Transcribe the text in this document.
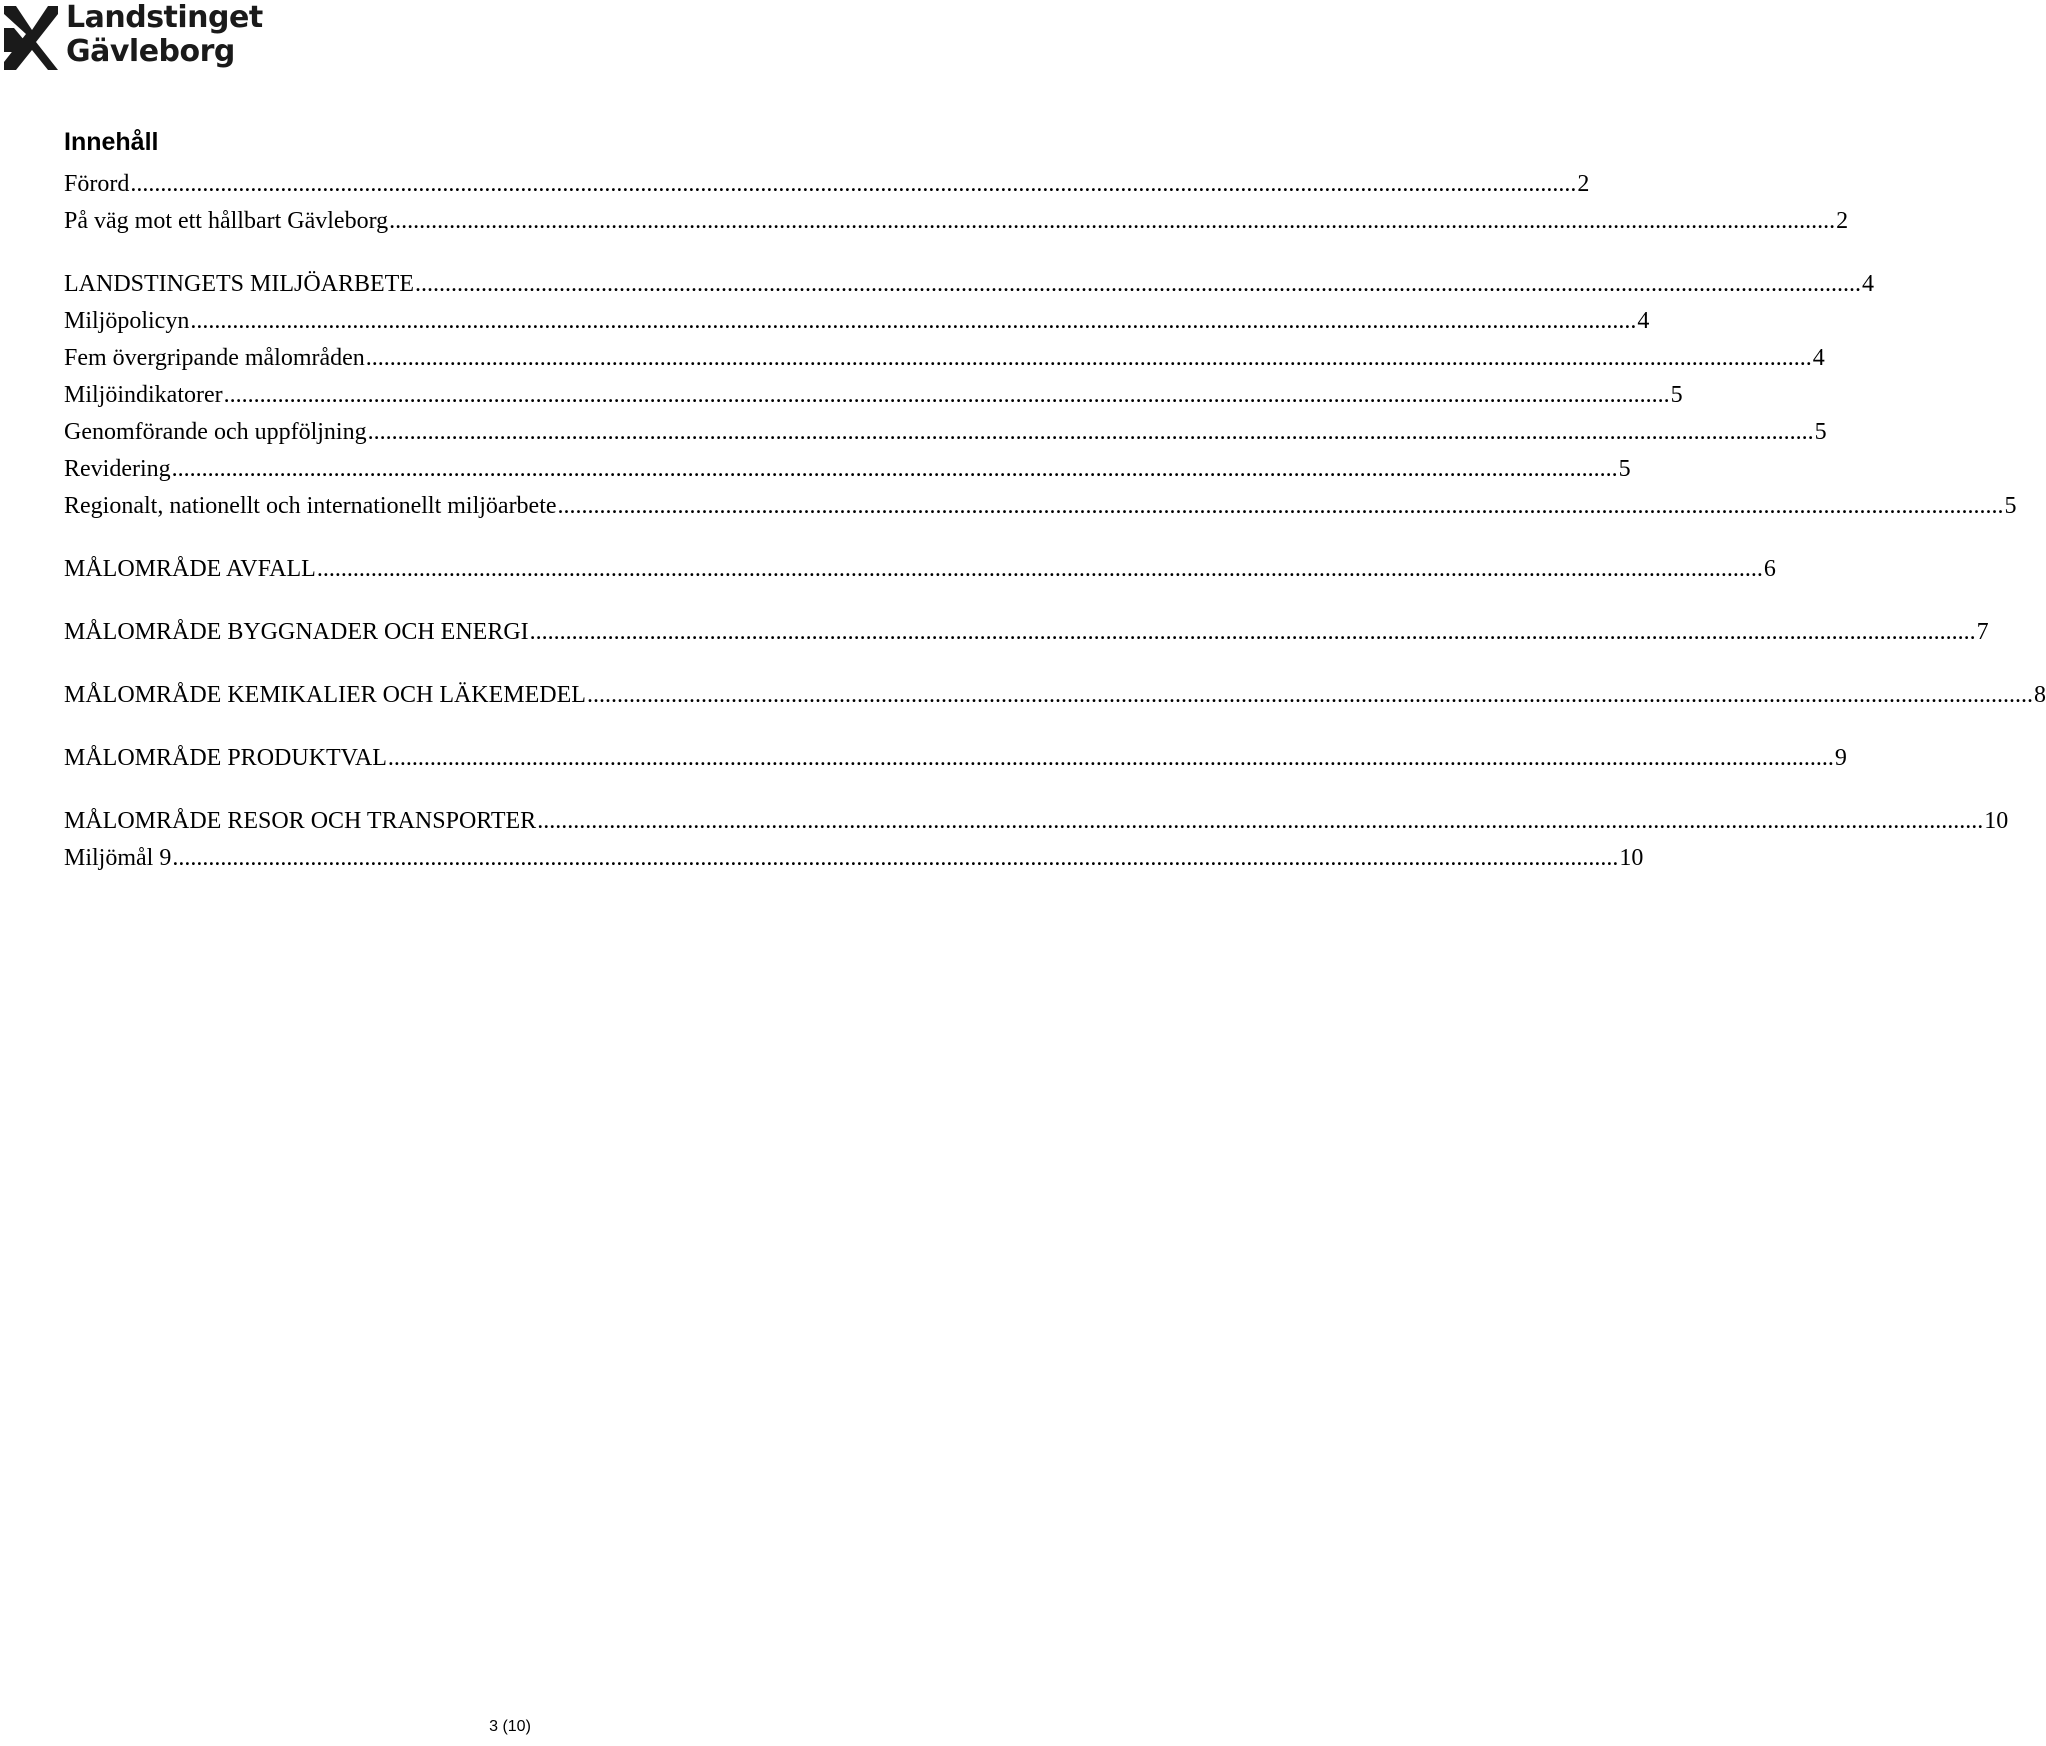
Landstinget
Gävleborg
Innehåll
Förord .....	2
På väg mot ett hållbart Gävleborg .....	2
LANDSTINGETS MILJÖARBETE .....	4
Miljöpolicyn .....	4
Fem övergripande målområden .....	4
Miljöindikatorer .....	5
Genomförande och uppföljning .....	5
Revidering .....	5
Regionalt, nationellt och internationellt miljöarbete .....	5
MÅLOMRÅDE AVFALL .....	6
MÅLOMRÅDE BYGGNADER OCH ENERGI .....	7
MÅLOMRÅDE KEMIKALIER OCH LÄKEMEDEL .....	8
MÅLOMRÅDE PRODUKTVAL .....	9
MÅLOMRÅDE RESOR OCH TRANSPORTER .....	10
Miljömål 9 .....	10
3 (10)
